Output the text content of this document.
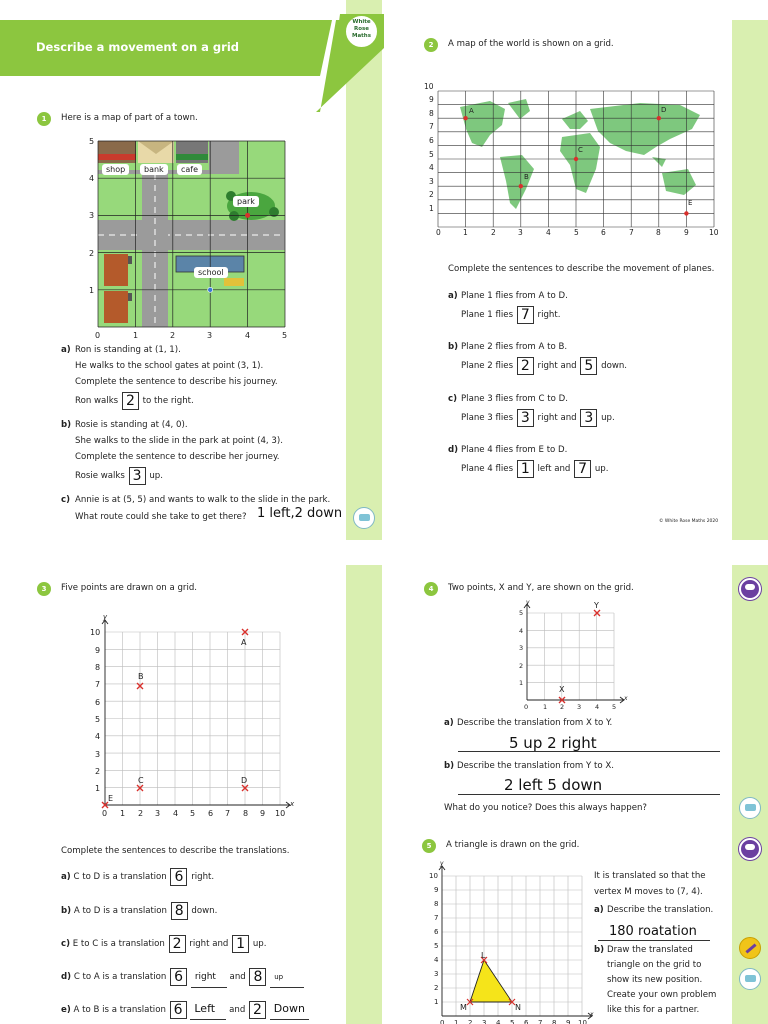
Describe a movement on a grid
White
Rose
Maths
1	Here is a map of part of a town.
shop	bank	cafe
park
school
0	1	2	3	4	5
1
2
3
4
5
a) Ron is standing at (1, 1).
He walks to the school gates at point (3, 1).
Complete the sentence to describe his journey.
Ron walks 2 to the right.
b) Rosie is standing at (4, 0).
She walks to the slide in the park at point (4, 3).
Complete the sentence to describe her journey.
Rosie walks 3 up.
c) Annie is at (5, 5) and wants to walk to the slide in the park.
What route could she take to get there? 1 left,2 down
2	A map of the world is shown on a grid.
A
B
C
D
E
0	1	2	3	4	5	6	7	8	9	10
1
2
3
4
5
6
7
8
9
10
Complete the sentences to describe the movement of planes.
a) Plane 1 flies from A to D.
Plane 1 flies 7 right.
b) Plane 2 flies from A to B.
Plane 2 flies 2 right and 5 down.
c) Plane 3 flies from C to D.
Plane 3 flies 3 right and 3 up.
d) Plane 4 flies from E to D.
Plane 4 flies 1 left and 7 up.
© White Rose Maths 2020
3	Five points are drawn on a grid.
y
x
A
B
C	D
E
0 1 2 3 4 5 6 7 8 9 10
1
2
3
4
5
6
7
8
9
10
Complete the sentences to describe the translations.
a) C to D is a translation 6 right.
b) A to D is a translation 8 down.
c) E to C is a translation 2 right and 1 up.
d) C to A is a translation 6 right and 8 up
e) A to B is a translation 6 Left and 2 Down
4	Two points, X and Y, are shown on the grid.
y
x
Y
X
0 1 2 3 4 5
1
2
3
4
5
a) Describe the translation from X to Y.
5 up 2 right
b) Describe the translation from Y to X.
2 left 5 down
What do you notice? Does this always happen?
5	A triangle is drawn on the grid.
y
x
L
M	N
1
2
3
4
5
6
7
8
9
10
0 1 2 3 4 5 6 7 8 9 10
It is translated so that the
vertex M moves to (7, 4).
a) Describe the translation.
180 roatation
b) Draw the translated
triangle on the grid to
show its new position.
Create your own problem
like this for a partner.
